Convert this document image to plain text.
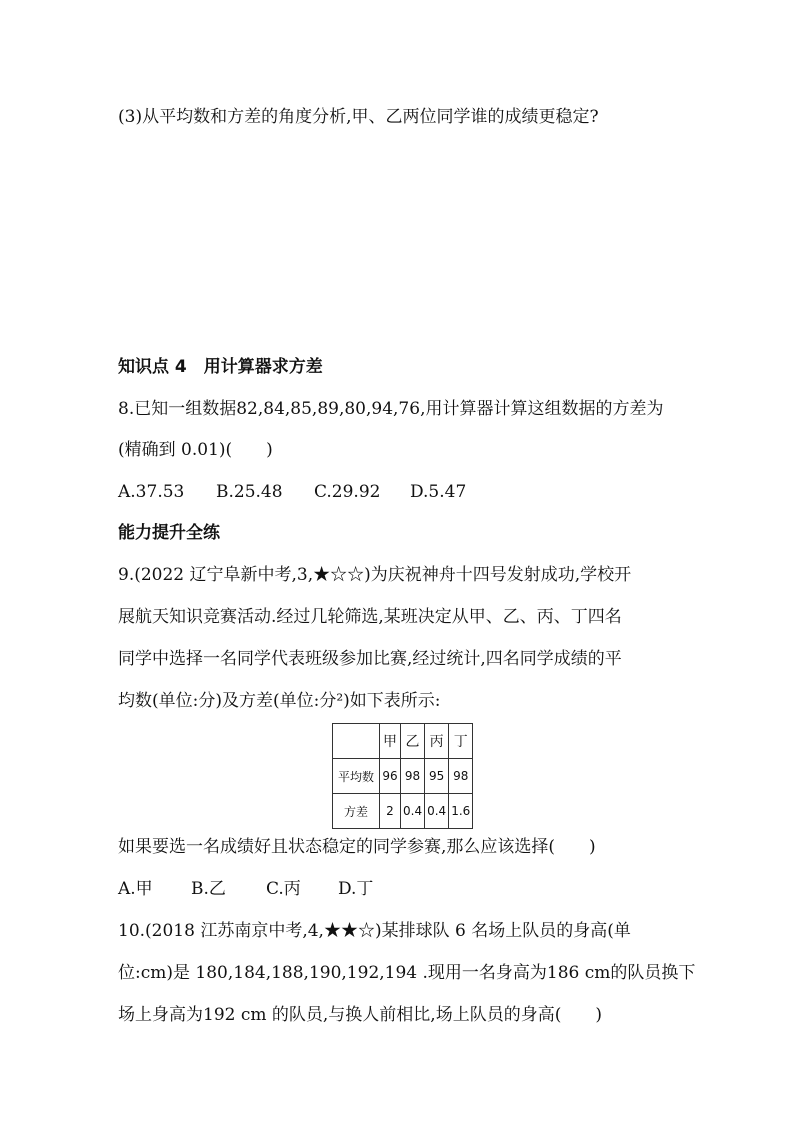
(3)从平均数和方差的角度分析,甲、乙两位同学谁的成绩更稳定?
知识点 4　用计算器求方差
8.已知一组数据82,84,85,89,80,94,76,用计算器计算这组数据的方差为
(精确到 0.01)(　　)
A.37.53 B.25.48 C.29.92 D.5.47
能力提升全练
9.(2022 辽宁阜新中考,3,★☆☆)为庆祝神舟十四号发射成功,学校开
展航天知识竞赛活动.经过几轮筛选,某班决定从甲、乙、丙、丁四名
同学中选择一名同学代表班级参加比赛,经过统计,四名同学成绩的平
均数(单位:分)及方差(单位:分²)如下表所示:
	甲	乙	丙	丁
平均数	96	98	95	98
方差	2	0.4	0.4	1.6
如果要选一名成绩好且状态稳定的同学参赛,那么应该选择(　　)
A.甲 B.乙 C.丙 D.丁
10.(2018 江苏南京中考,4,★★☆)某排球队 6 名场上队员的身高(单
位:cm)是 180,184,188,190,192,194 .现用一名身高为186 cm的队员换下
场上身高为192 cm 的队员,与换人前相比,场上队员的身高(　　)
